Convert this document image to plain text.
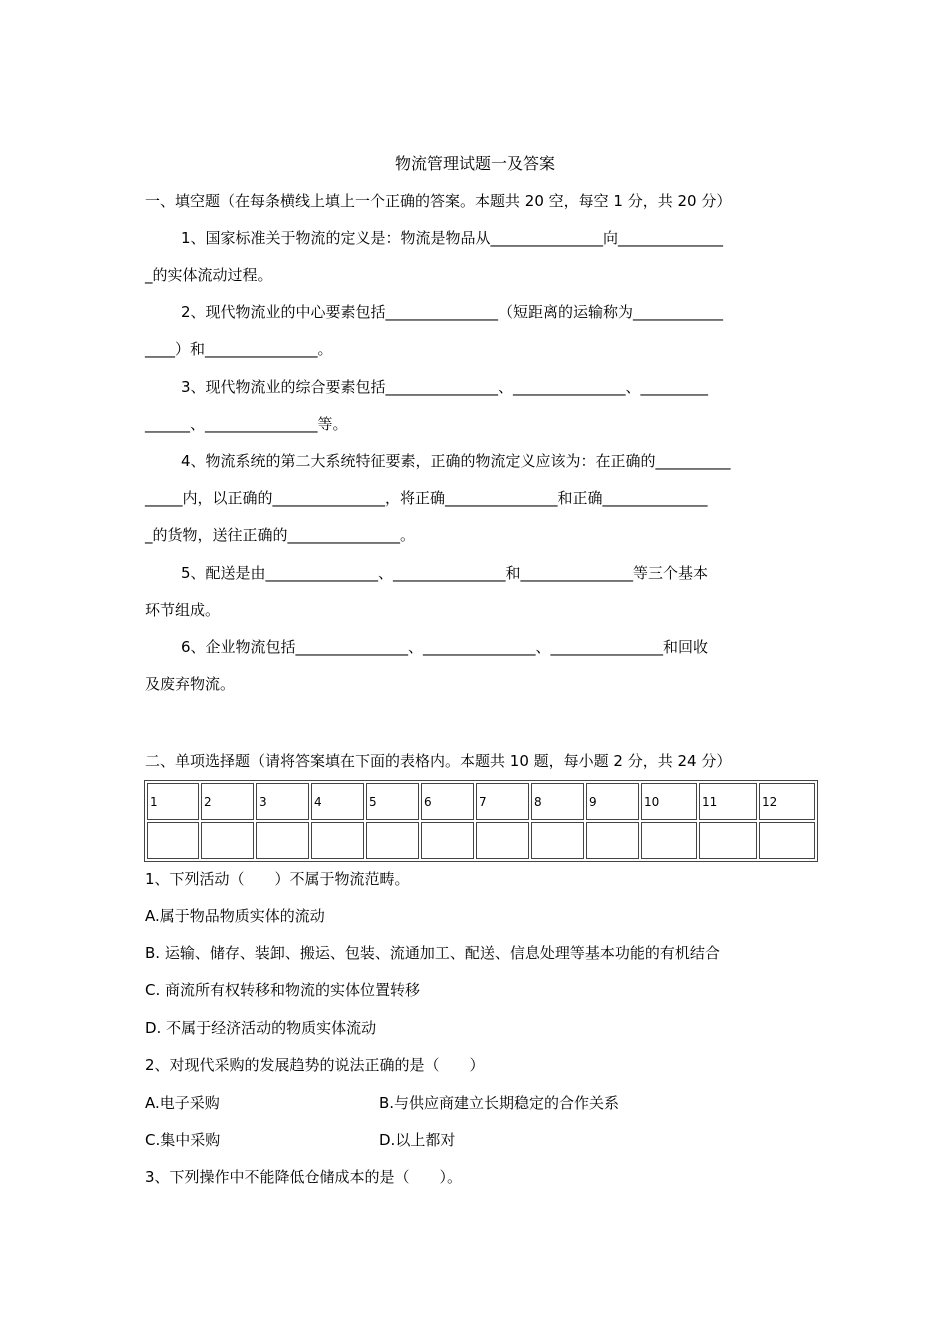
物流管理试题一及答案
一、填空题（在每条横线上填上一个正确的答案。本题共 20 空，每空 1 分，共 20 分）
1、国家标准关于物流的定义是：物流是物品从_______________向______________
_的实体流动过程。
2、现代物流业的中心要素包括_______________（短距离的运输称为____________
____）和_______________。
3、现代物流业的综合要素包括_______________、_______________、_________
______、_______________等。
4、物流系统的第二大系统特征要素，正确的物流定义应该为：在正确的__________
_____内，以正确的_______________，将正确_______________和正确______________
_的货物，送往正确的_______________。
5、配送是由_______________、_______________和_______________等三个基本
环节组成。
6、企业物流包括_______________、_______________、_______________和回收
及废弃物流。
二、单项选择题（请将答案填在下面的表格内。本题共 10 题，每小题 2 分，共 24 分）
1	2	3	4	5	6	7	8	9	10	11	12

1、下列活动（　　）不属于物流范畴。
A.属于物品物质实体的流动
B. 运输、储存、装卸、搬运、包装、流通加工、配送、信息处理等基本功能的有机结合
C. 商流所有权转移和物流的实体位置转移
D. 不属于经济活动的物质实体流动
2、对现代采购的发展趋势的说法正确的是（　　）
A.电子采购	B.与供应商建立长期稳定的合作关系
C.集中采购	D.以上都对
3、下列操作中不能降低仓储成本的是（　　）。
